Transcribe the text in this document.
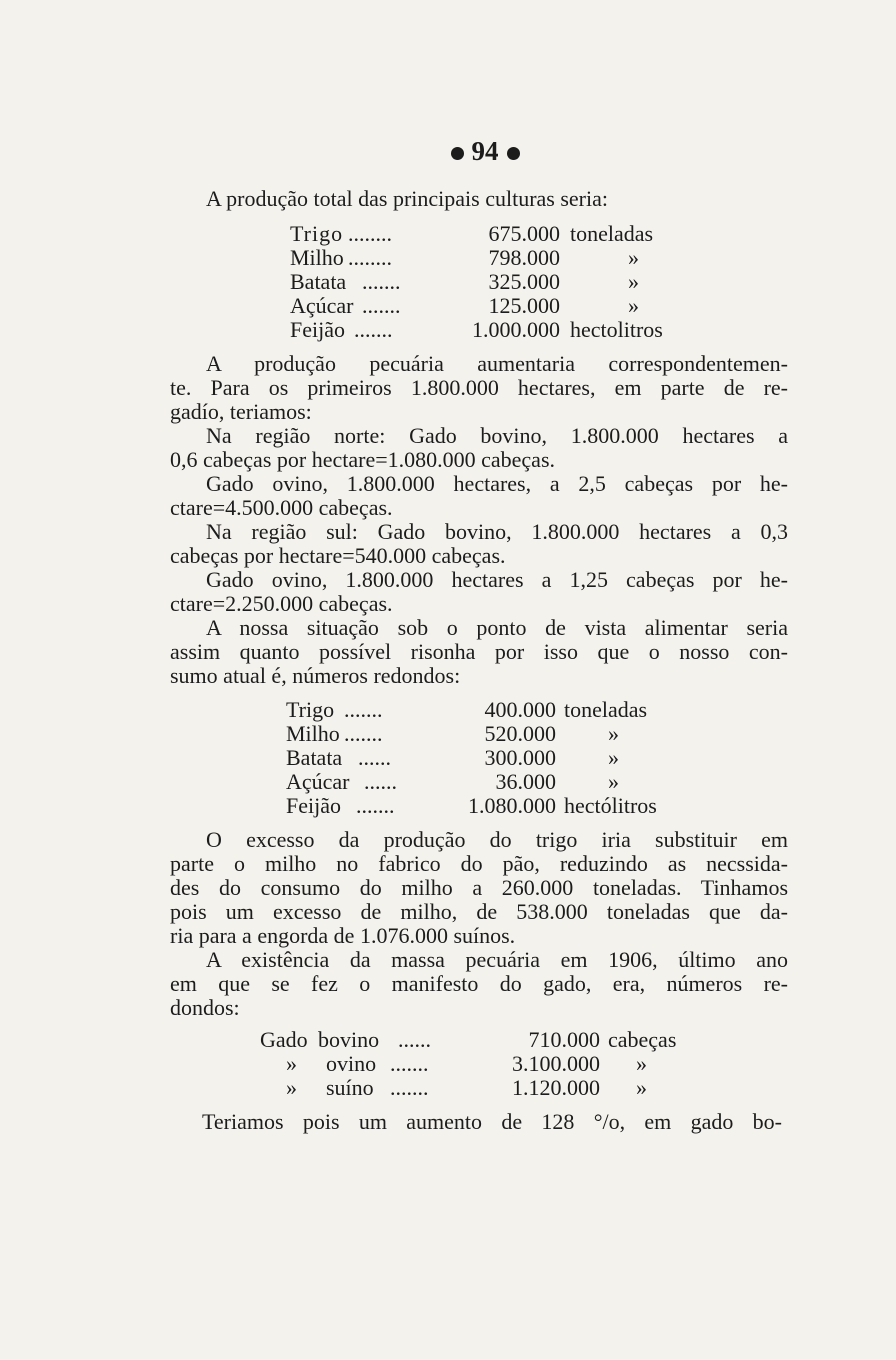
94
A produção total das principais culturas seria:
Trigo ........	675.000 toneladas
Milho ........	798.000	»
Batata .......	325.000	»
Açúcar .......	125.000	»
Feijão .......	1.000.000 hectolitros
A produção pecuária aumentaria correspondentemen-
te. Para os primeiros 1.800.000 hectares, em parte de re-
gadío, teriamos:
Na região norte: Gado bovino, 1.800.000 hectares a
0,6 cabeças por hectare=1.080.000 cabeças.
Gado ovino, 1.800.000 hectares, a 2,5 cabeças por he-
ctare=4.500.000 cabeças.
Na região sul: Gado bovino, 1.800.000 hectares a 0,3
cabeças por hectare=540.000 cabeças.
Gado ovino, 1.800.000 hectares a 1,25 cabeças por he-
ctare=2.250.000 cabeças.
A nossa situação sob o ponto de vista alimentar seria
assim quanto possível risonha por isso que o nosso con-
sumo atual é, números redondos:
Trigo .......	400.000 toneladas
Milho .......	520.000 »
Batata ......	300.000 »
Açúcar ......	36.000 »
Feijão .......	1.080.000 hectólitros
O excesso da produção do trigo iria substituir em
parte o milho no fabrico do pão, reduzindo as necssida-
des do consumo do milho a 260.000 toneladas. Tinhamos
pois um excesso de milho, de 538.000 toneladas que da-
ria para a engorda de 1.076.000 suínos.
A existência da massa pecuária em 1906, último ano
em que se fez o manifesto do gado, era, números re-
dondos:
Gado bovino ......	710.000 cabeças
» ovino .......	3.100.000 »
» suíno .......	1.120.000 »
Teriamos pois um aumento de 128 °/o, em gado bo-
